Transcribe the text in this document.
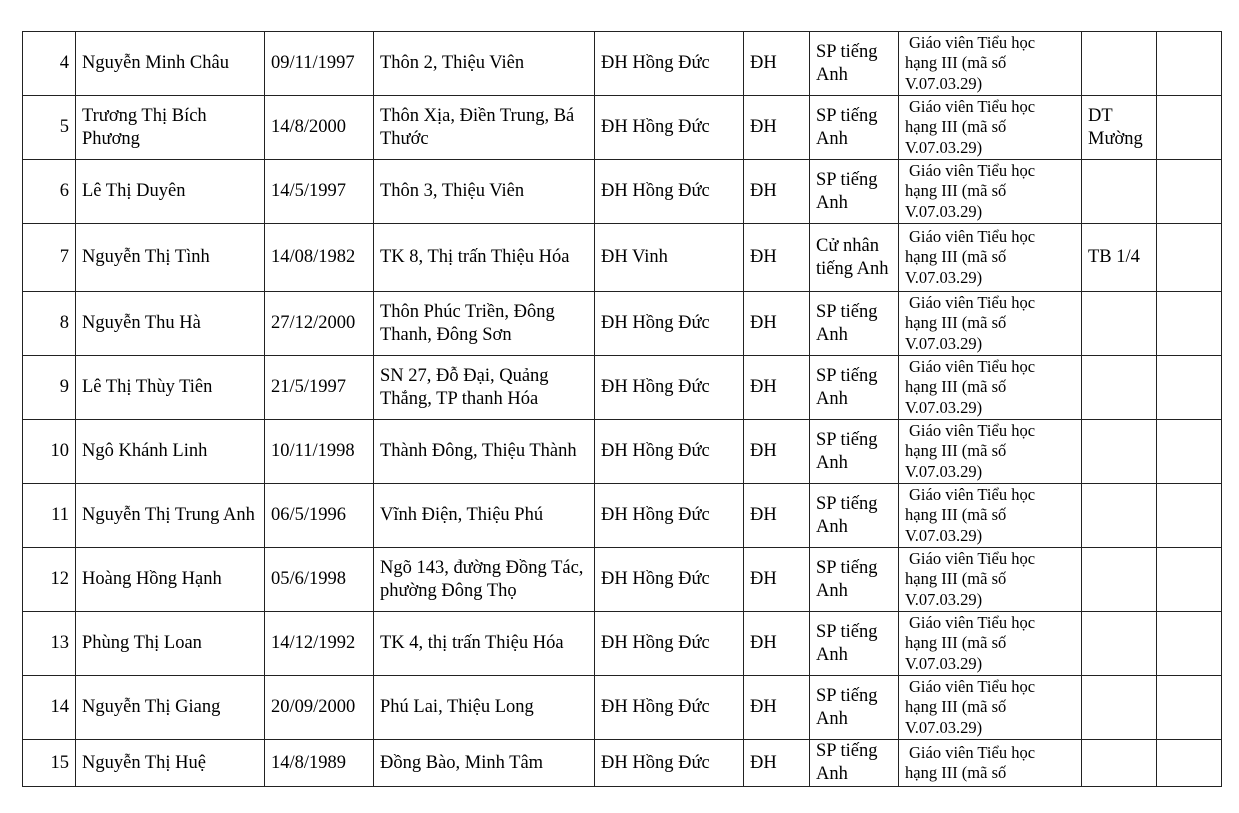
4	Nguyễn Minh Châu	09/11/1997	Thôn 2, Thiệu Viên	ĐH Hồng Đức	ĐH	SP tiếng Anh	Giáo viên Tiểu học
hạng III (mã số
V.07.03.29)		

5	Trương Thị Bích Phương	14/8/2000	Thôn Xịa, Điền Trung, Bá Thước	ĐH Hồng Đức	ĐH	SP tiếng Anh	Giáo viên Tiểu học
hạng III (mã số
V.07.03.29)	DT Mường	
6	Lê Thị Duyên	14/5/1997	Thôn 3, Thiệu Viên	ĐH Hồng Đức	ĐH	SP tiếng Anh	Giáo viên Tiểu học
hạng III (mã số
V.07.03.29)		

7	Nguyễn Thị Tình	14/08/1982	TK 8, Thị trấn Thiệu Hóa	ĐH Vinh	ĐH	Cử nhân tiếng Anh	Giáo viên Tiểu học
hạng III (mã số
V.07.03.29)	TB 1/4	
8	Nguyễn Thu Hà	27/12/2000	Thôn Phúc Triền, Đông Thanh, Đông Sơn	ĐH Hồng Đức	ĐH	SP tiếng Anh	Giáo viên Tiểu học
hạng III (mã số
V.07.03.29)		

9	Lê Thị Thùy Tiên	21/5/1997	SN 27, Đỗ Đại, Quảng Thắng, TP thanh Hóa	ĐH Hồng Đức	ĐH	SP tiếng Anh	Giáo viên Tiểu học
hạng III (mã số
V.07.03.29)		

10	Ngô Khánh Linh	10/11/1998	Thành Đông, Thiệu Thành	ĐH Hồng Đức	ĐH	SP tiếng Anh	Giáo viên Tiểu học
hạng III (mã số
V.07.03.29)		

11	Nguyễn Thị Trung Anh	06/5/1996	Vĩnh Điện, Thiệu Phú	ĐH Hồng Đức	ĐH	SP tiếng Anh	Giáo viên Tiểu học
hạng III (mã số
V.07.03.29)		

12	Hoàng Hồng Hạnh	05/6/1998	Ngõ 143, đường Đồng Tác, phường Đông Thọ	ĐH Hồng Đức	ĐH	SP tiếng Anh	Giáo viên Tiểu học
hạng III (mã số
V.07.03.29)		

13	Phùng Thị Loan	14/12/1992	TK 4, thị trấn Thiệu Hóa	ĐH Hồng Đức	ĐH	SP tiếng Anh	Giáo viên Tiểu học
hạng III (mã số
V.07.03.29)		

14	Nguyễn Thị Giang	20/09/2000	Phú Lai, Thiệu Long	ĐH Hồng Đức	ĐH	SP tiếng Anh	Giáo viên Tiểu học
hạng III (mã số
V.07.03.29)		

15	Nguyễn Thị Huệ	14/8/1989	Đồng Bào, Minh Tâm	ĐH Hồng Đức	ĐH	SP tiếng Anh	Giáo viên Tiểu học
hạng III (mã số		
